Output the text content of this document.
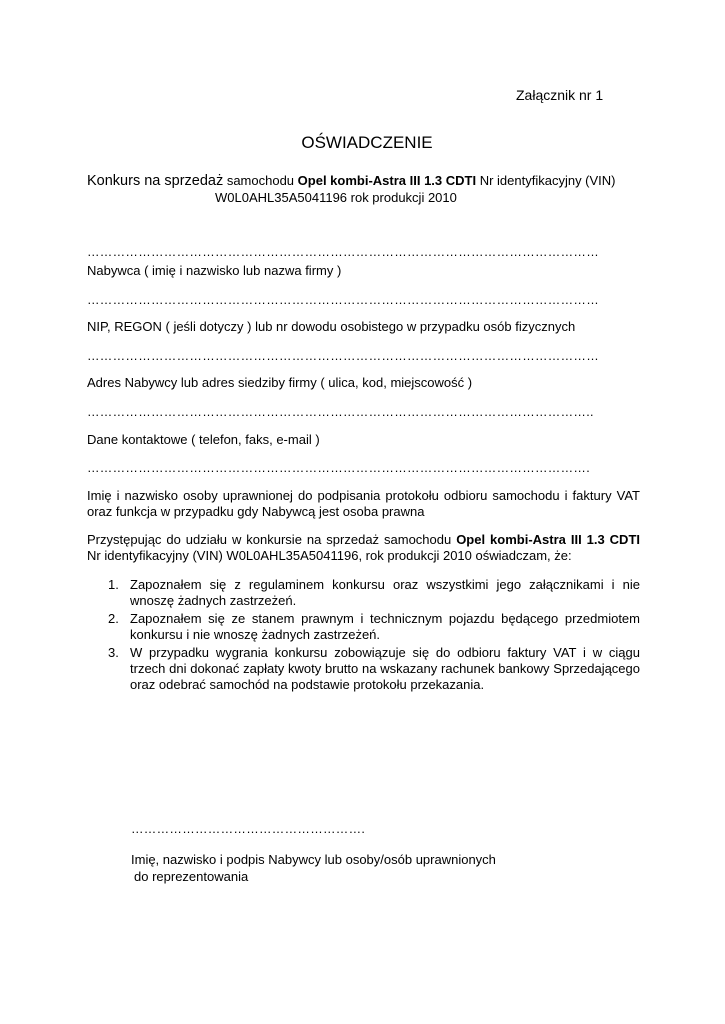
Załącznik nr 1
OŚWIADCZENIE
Konkurs na sprzedaż samochodu Opel kombi-Astra III 1.3 CDTI Nr identyfikacyjny (VIN)
W0L0AHL35A5041196 rok produkcji 2010
…………………………………………………………………………………………………………
Nabywca ( imię i nazwisko lub nazwa firmy )
…………………………………………………………………………………………………………
NIP, REGON ( jeśli dotyczy ) lub nr dowodu osobistego w przypadku osób fizycznych
…………………………………………………………………………………………………………
Adres Nabywcy lub adres siedziby firmy ( ulica, kod, miejscowość )
………………………………………………………………………………………………………..
Dane kontaktowe ( telefon, faks, e-mail )
……………………………………………………………………………………………………….
Imię i nazwisko osoby uprawnionej do podpisania protokołu odbioru samochodu i faktury VAT oraz funkcja w przypadku gdy Nabywcą jest osoba prawna
Przystępując do udziału w konkursie na sprzedaż samochodu Opel kombi-Astra III 1.3 CDTI Nr identyfikacyjny (VIN) W0L0AHL35A5041196, rok produkcji 2010 oświadczam, że:
1. Zapoznałem się z regulaminem konkursu oraz wszystkimi jego załącznikami i nie wnoszę żadnych zastrzeżeń.
2. Zapoznałem się ze stanem prawnym i technicznym pojazdu będącego przedmiotem konkursu i nie wnoszę żadnych zastrzeżeń.
3. W przypadku wygrania konkursu zobowiązuje się do odbioru faktury VAT i w ciągu trzech dni dokonać zapłaty kwoty brutto na wskazany rachunek bankowy Sprzedającego oraz odebrać samochód na podstawie protokołu przekazania.
……………………………………………….
Imię, nazwisko i podpis Nabywcy lub osoby/osób uprawnionych
do reprezentowania
